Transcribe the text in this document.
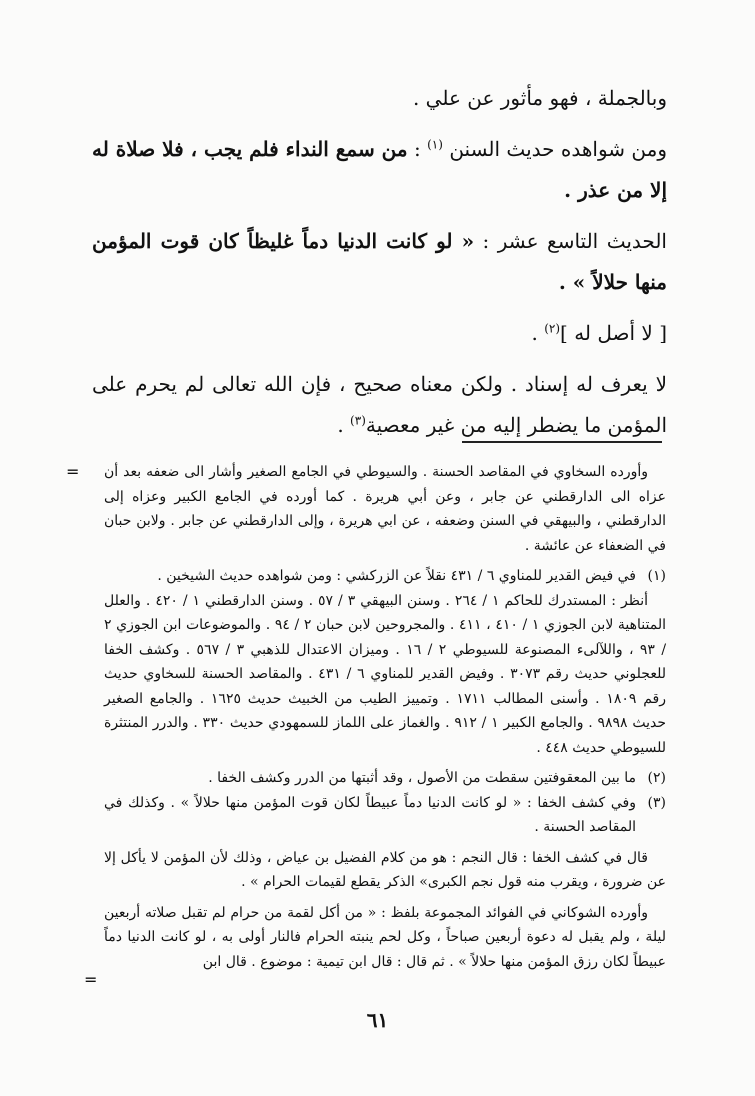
وبالجملة ، فهو مأثور عن علي .

ومن شواهده حديث السنن $^{(١)}$ : من سمع النداء فلم يجب ، فلا صلاة له إلا من عذر .

الحديث التاسع عشر : « لو كانت الدنيا دماً غليظاً كان قوت المؤمن منها حلالاً » .

[ لا أصل له ]$^{(٢)}$ .

لا يعرف له إسناد . ولكن معناه صحيح ، فإن الله تعالى لم يحرم على المؤمن ما يضطر إليه من غير معصية$^{(٣)}$ .

= وأورده السخاوي في المقاصد الحسنة . والسيوطي في الجامع الصغير وأشار الى ضعفه بعد أن عزاه الى الدارقطني عن جابر ، وعن أبي هريرة . كما أورده في الجامع الكبير وعزاه إلى الدارقطني ، والبيهقي في السنن وضعفه ، عن ابي هريرة ، وإلى الدارقطني عن جابر . ولابن حبان في الضعفاء عن عائشة .

(١)
في فيض القدير للمناوي ٦ / ٤٣١ نقلاً عن الزركشي : ومن شواهده حديث الشيخين .

أنظر : المستدرك للحاكم ١ / ٢٦٤ . وسنن البيهقي ٣ / ٥٧ . وسنن الدارقطني ١ / ٤٢٠ . والعلل المتناهية لابن الجوزي ١ / ٤١٠ ، ٤١١ . والمجروحين لابن حبان ٢ / ٩٤ . والموضوعات ابن الجوزي ٢ / ٩٣ ، واللآلىء المصنوعة للسيوطي ٢ / ١٦ . وميزان الاعتدال للذهبي ٣ / ٥٦٧ . وكشف الخفا للعجلوني حديث رقم ٣٠٧٣ . وفيض القدير للمناوي ٦ / ٤٣١ . والمقاصد الحسنة للسخاوي حديث رقم ١٨٠٩ . وأسنى المطالب ١٧١١ . وتمييز الطيب من الخبيث حديث ١٦٢٥ . والجامع الصغير حديث ٩٨٩٨ . والجامع الكبير ١ / ٩١٢ . والغماز على اللماز للسمهودي حديث ٣٣٠ . والدرر المنتثرة للسيوطي حديث ٤٤٨ .

(٢)
ما بين المعقوفتين سقطت من الأصول ، وقد أثبتها من الدرر وكشف الخفا .
(٣)
وفي كشف الخفا : « لو كانت الدنيا دماً عبيطاً لكان قوت المؤمن منها حلالاً » . وكذلك في المقاصد الحسنة .

قال في كشف الخفا : قال النجم : هو من كلام الفضيل بن عياض ، وذلك لأن المؤمن لا يأكل إلا عن ضرورة ، ويقرب منه قول نجم الكبرى» الذكر يقطع لقيمات الحرام » .

وأورده الشوكاني في الفوائد المجموعة بلفظ : « من أكل لقمة من حرام لم تقبل صلاته أربعين ليلة ، ولم يقبل له دعوة أربعين صباحاً ، وكل لحم ينبته الحرام فالنار أولى به ، لو كانت الدنيا دماً عبيطاً لكان رزق المؤمن منها حلالاً » . ثم قال : قال ابن تيمية : موضوع . قال ابن

=
٦١
